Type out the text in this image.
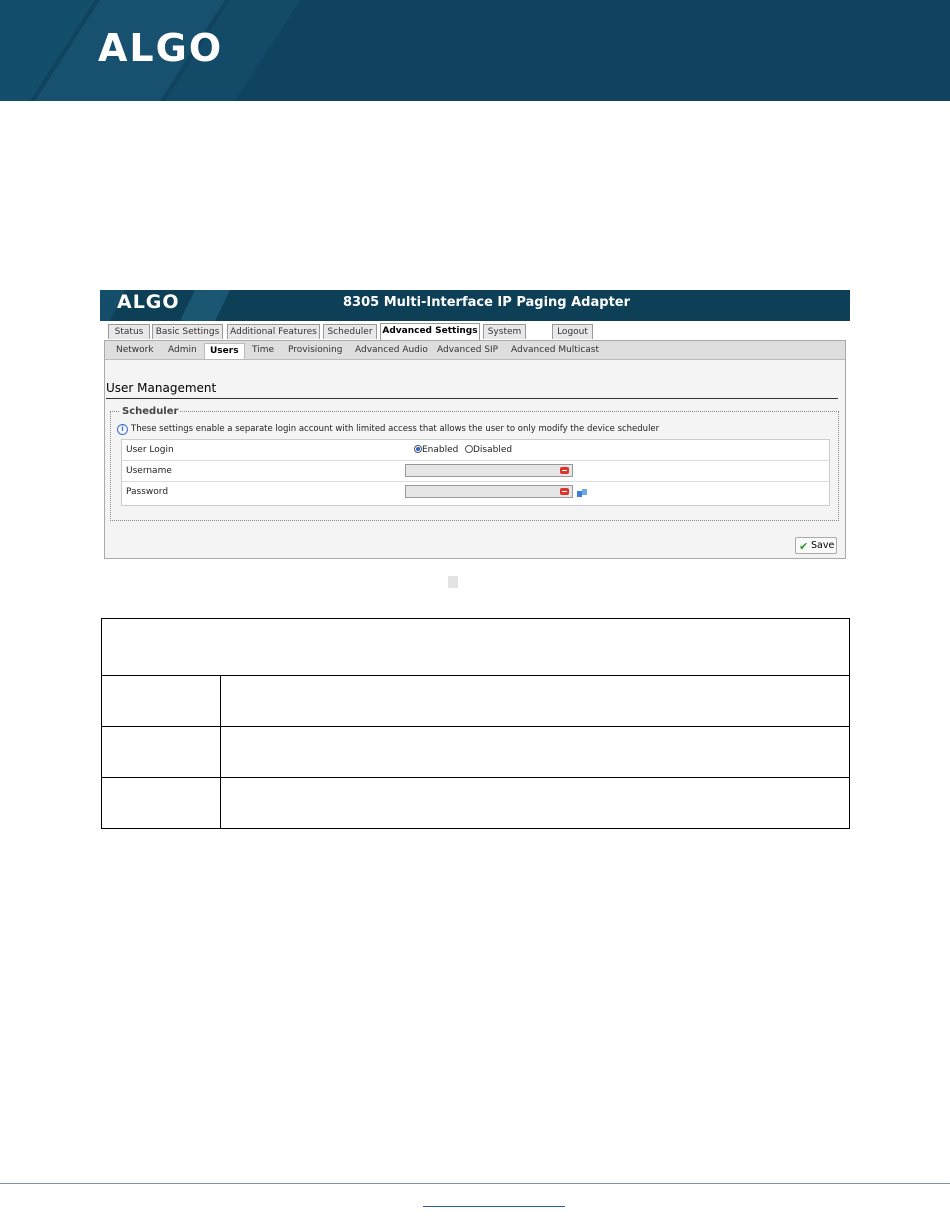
ALGO
ALGO	8305 Multi-Interface IP Paging Adapter
Status	Basic Settings	Additional Features	Scheduler	Advanced Settings	System	Logout
Network Admin	Users	Time Provisioning Advanced Audio Advanced SIP Advanced Multicast
User Management
Scheduler
i These settings enable a separate login account with limited access that allows the user to only modify the device scheduler
User Login	Enabled Disabled
Username
Password
✔ Save
